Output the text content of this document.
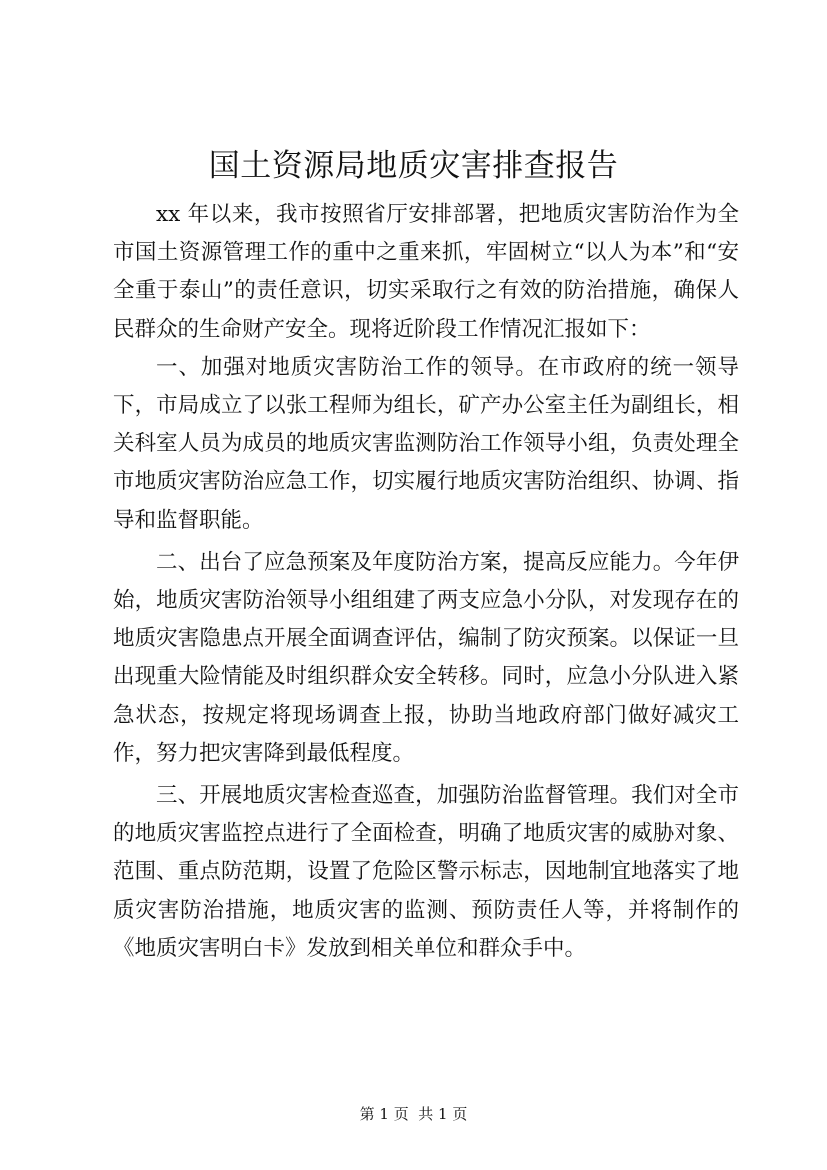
国土资源局地质灾害排查报告

xx 年以来，我市按照省厅安排部署，把地质灾害防治作为全市国土资源管理工作的重中之重来抓，牢固树立“以人为本”和“安全重于泰山”的责任意识，切实采取行之有效的防治措施，确保人民群众的生命财产安全。现将近阶段工作情况汇报如下：

一、加强对地质灾害防治工作的领导。在市政府的统一领导下，市局成立了以张工程师为组长，矿产办公室主任为副组长，相关科室人员为成员的地质灾害监测防治工作领导小组，负责处理全市地质灾害防治应急工作，切实履行地质灾害防治组织、协调、指导和监督职能。

二、出台了应急预案及年度防治方案，提高反应能力。今年伊始，地质灾害防治领导小组组建了两支应急小分队，对发现存在的地质灾害隐患点开展全面调查评估，编制了防灾预案。以保证一旦出现重大险情能及时组织群众安全转移。同时，应急小分队进入紧急状态，按规定将现场调查上报，协助当地政府部门做好减灾工作，努力把灾害降到最低程度。

三、开展地质灾害检查巡查，加强防治监督管理。我们对全市的地质灾害监控点进行了全面检查，明确了地质灾害的威胁对象、范围、重点防范期，设置了危险区警示标志，因地制宜地落实了地质灾害防治措施，地质灾害的监测、预防责任人等，并将制作的《地质灾害明白卡》发放到相关单位和群众手中。

第 1 页  共 1 页
